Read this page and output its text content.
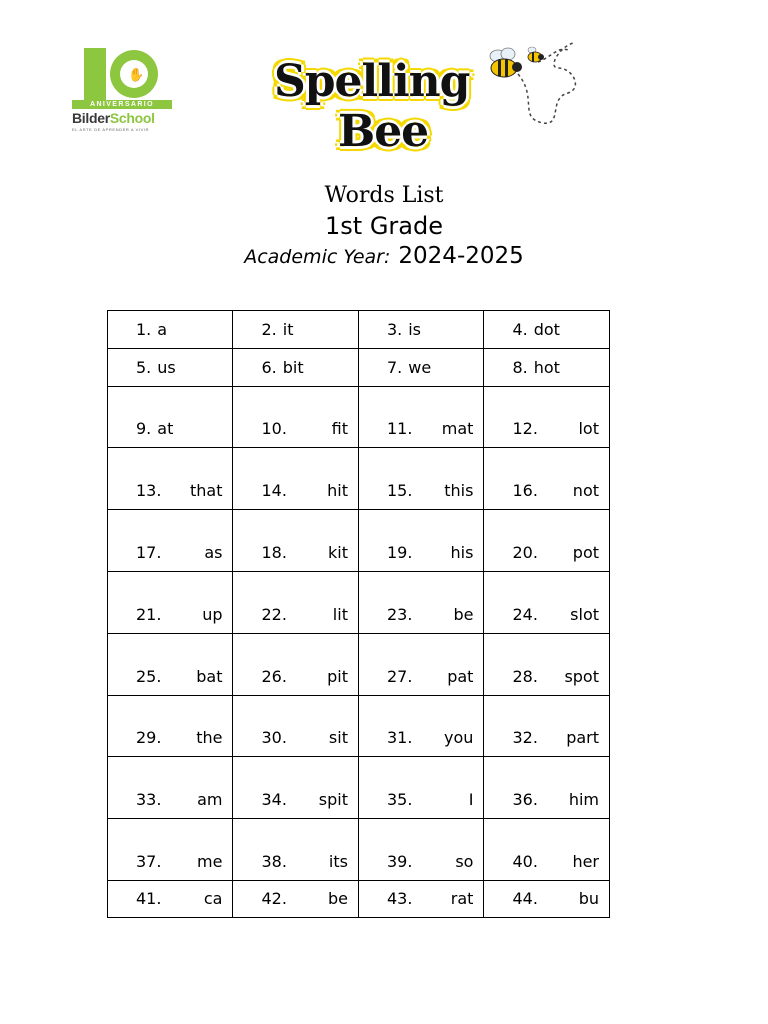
✋
ANIVERSARIO
BilderSchool
EL ARTE DE APRENDER A VIVIR
Spelling
Bee
Words List
1st Grade
Academic Year: 2024-2025
1. a	2. it	3. is	4. dot

5. us	6. bit	7. we	8. hot

9. at	10. fit	11. mat	12. lot

13. that	14. hit	15. this	16. not

17. as	18. kit	19. his	20. pot

21. up	22. lit	23. be	24. slot

25. bat	26. pit	27. pat	28. spot

29. the	30. sit	31. you	32. part

33. am	34. spit	35. I	36. him

37. me	38. its	39. so	40. her

41. ca	42. be	43. rat	44. bu
